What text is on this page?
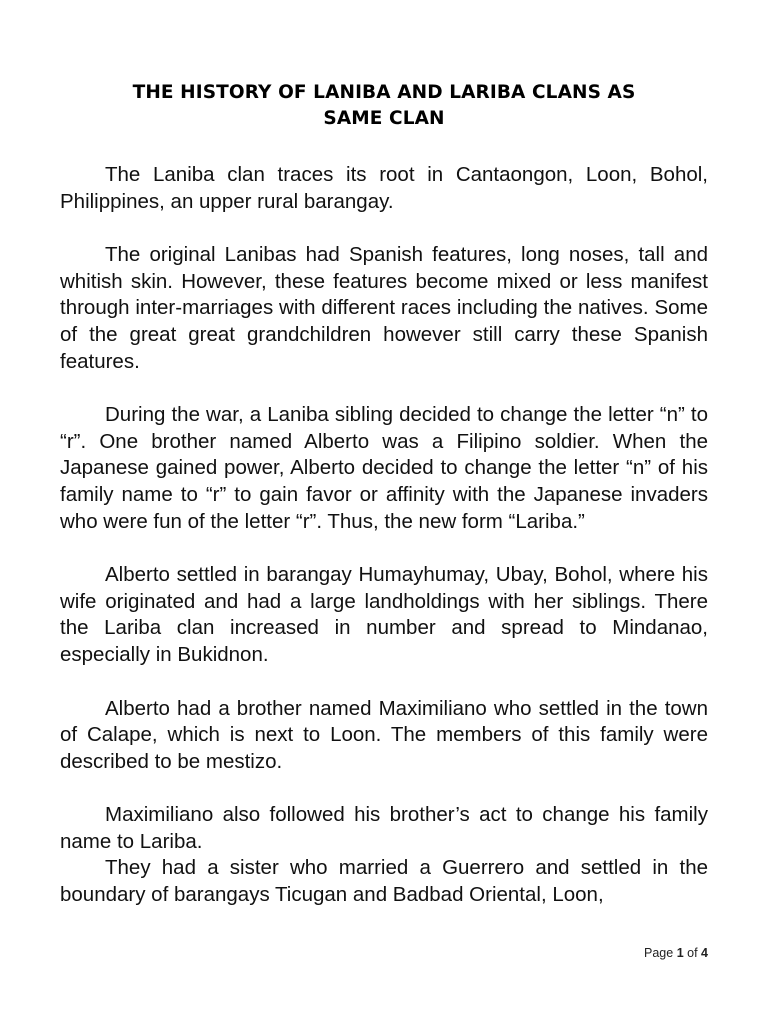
THE HISTORY OF LANIBA AND LARIBA CLANS AS
SAME CLAN

The Laniba clan traces its root in Cantaongon, Loon, Bohol, Philippines, an upper rural barangay.

The original Lanibas had Spanish features, long noses, tall and whitish skin. However, these features become mixed or less manifest through inter-marriages with different races including the natives. Some of the great great grandchildren however still carry these Spanish features.

During the war, a Laniba sibling decided to change the letter “n” to “r”. One brother named Alberto was a Filipino soldier. When the Japanese gained power, Alberto decided to change the letter “n” of his family name to “r” to gain favor or affinity with the Japanese invaders who were fun of the letter “r”. Thus, the new form “Lariba.”

Alberto settled in barangay Humayhumay, Ubay, Bohol, where his wife originated and had a large landholdings with her siblings. There the Lariba clan increased in number and spread to Mindanao, especially in Bukidnon.

Alberto had a brother named Maximiliano who settled in the town of Calape, which is next to Loon. The members of this family were described to be mestizo.

Maximiliano also followed his brother’s act to change his family name to Lariba.

They had a sister who married a Guerrero and settled in the boundary of barangays Ticugan and Badbad Oriental, Loon,

Page 1 of 4
